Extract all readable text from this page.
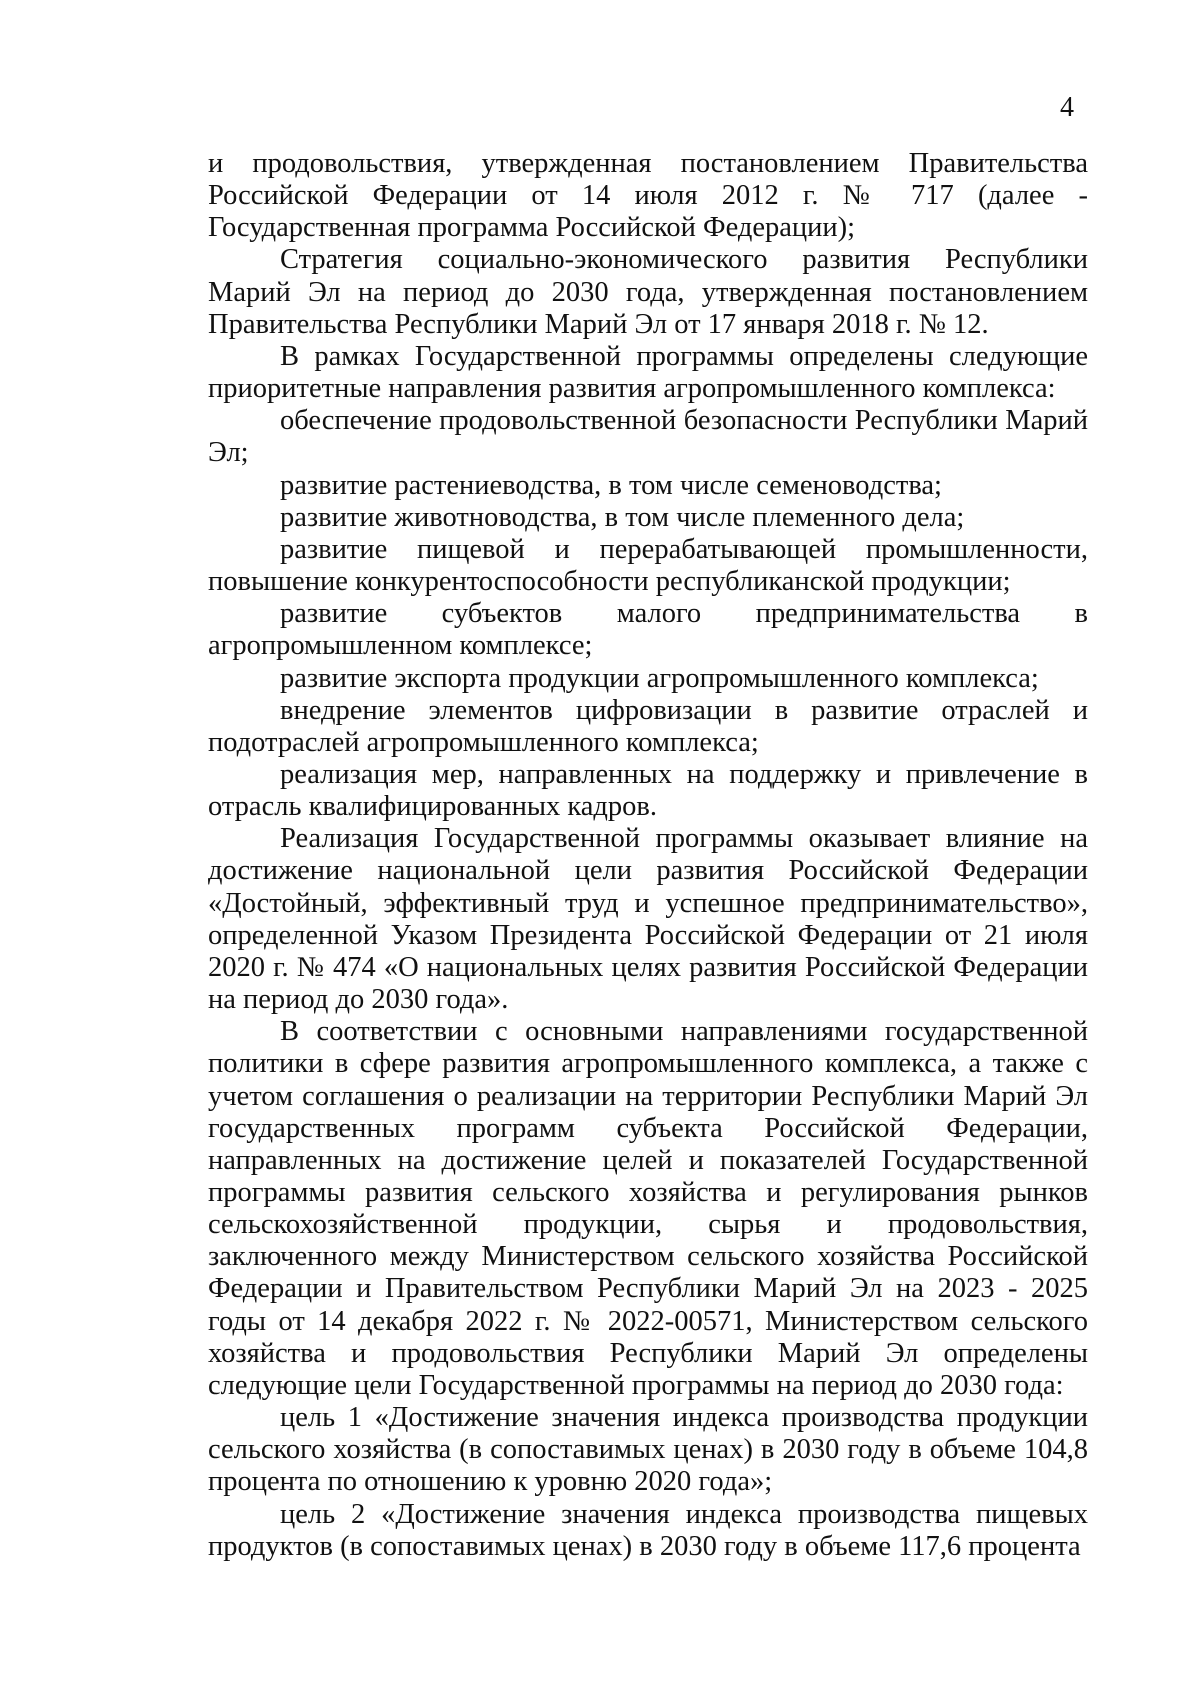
4

и продовольствия, утвержденная постановлением Правительства Российской Федерации от 14 июля 2012 г. № 717 (далее - Государственная программа Российской Федерации);

Стратегия социально-экономического развития Республики Марий Эл на период до 2030 года, утвержденная постановлением Правительства Республики Марий Эл от 17 января 2018 г. № 12.

В рамках Государственной программы определены следующие приоритетные направления развития агропромышленного комплекса:

обеспечение продовольственной безопасности Республики Марий Эл;

развитие растениеводства, в том числе семеноводства;

развитие животноводства, в том числе племенного дела;

развитие пищевой и перерабатывающей промышленности, повышение конкурентоспособности республиканской продукции;

развитие субъектов малого предпринимательства в агропромышленном комплексе;

развитие экспорта продукции агропромышленного комплекса;

внедрение элементов цифровизации в развитие отраслей и подотраслей агропромышленного комплекса;

реализация мер, направленных на поддержку и привлечение в отрасль квалифицированных кадров.

Реализация Государственной программы оказывает влияние на достижение национальной цели развития Российской Федерации «Достойный, эффективный труд и успешное предпринимательство», определенной Указом Президента Российской Федерации от 21 июля 2020 г. № 474 «О национальных целях развития Российской Федерации на период до 2030 года».

В соответствии с основными направлениями государственной политики в сфере развития агропромышленного комплекса, а также с учетом соглашения о реализации на территории Республики Марий Эл государственных программ субъекта Российской Федерации, направленных на достижение целей и показателей Государственной программы развития сельского хозяйства и регулирования рынков сельскохозяйственной продукции, сырья и продовольствия, заключенного между Министерством сельского хозяйства Российской Федерации и Правительством Республики Марий Эл на 2023 - 2025 годы от 14 декабря 2022 г. № 2022-00571, Министерством сельского хозяйства и продовольствия Республики Марий Эл определены следующие цели Государственной программы на период до 2030 года:

цель 1 «Достижение значения индекса производства продукции сельского хозяйства (в сопоставимых ценах) в 2030 году в объеме 104,8 процента по отношению к уровню 2020 года»;

цель 2 «Достижение значения индекса производства пищевых продуктов (в сопоставимых ценах) в 2030 году в объеме 117,6 процента
